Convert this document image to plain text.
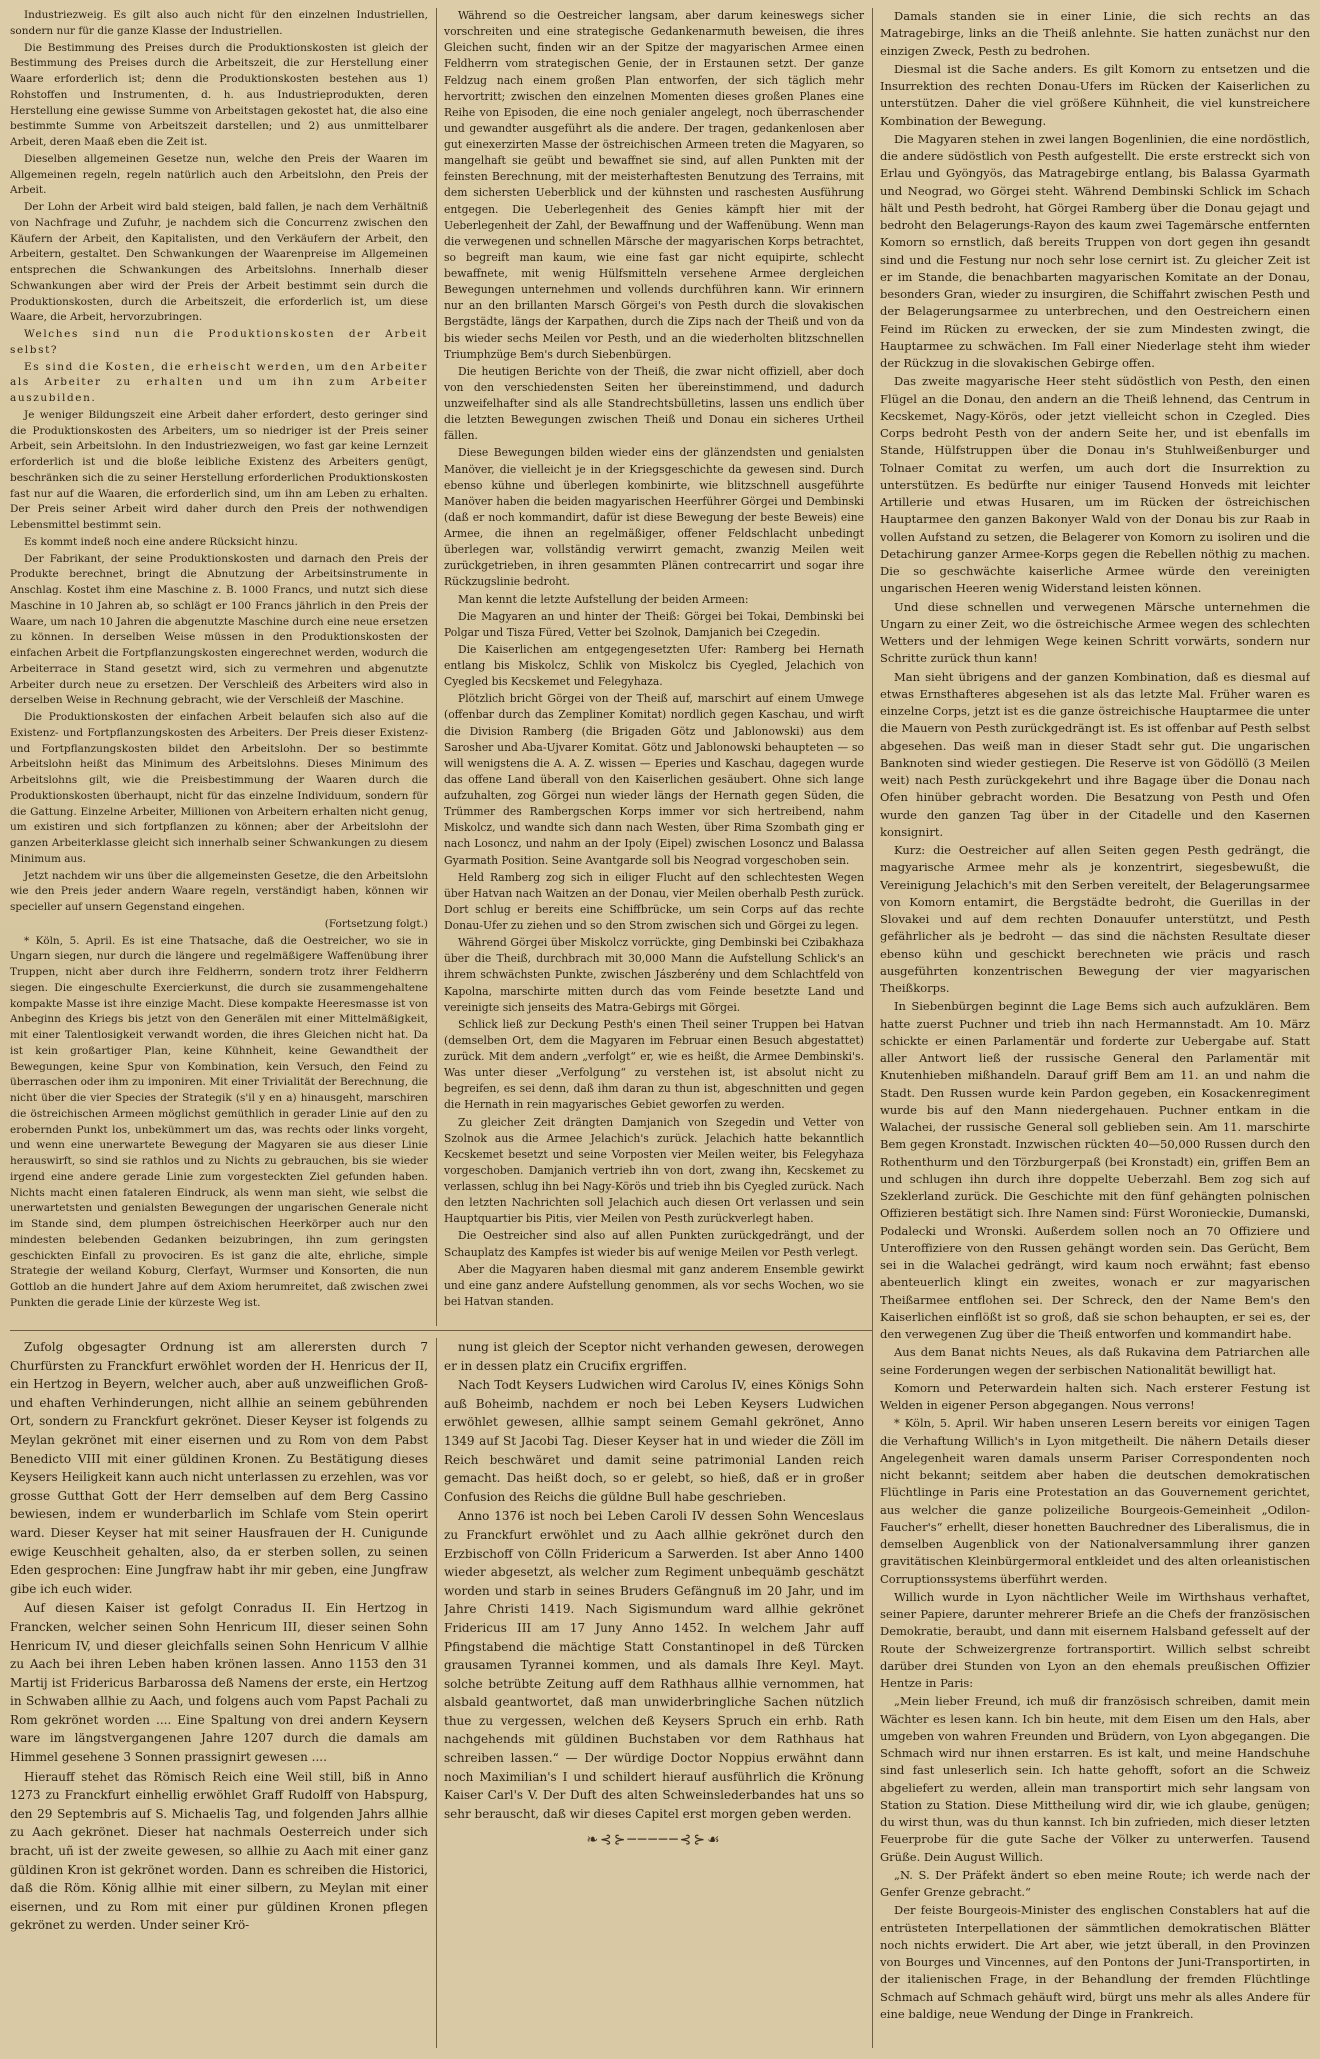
Industriezweig. Es gilt also auch nicht für den einzelnen Industriellen, sondern nur für die ganze Klasse der Industriellen.

Die Bestimmung des Preises durch die Produktionskosten ist gleich der Bestimmung des Preises durch die Arbeitszeit, die zur Herstellung einer Waare erforderlich ist; denn die Produktionskosten bestehen aus 1) Rohstoffen und Instrumenten, d. h. aus Industrieprodukten, deren Herstellung eine gewisse Summe von Arbeitstagen gekostet hat, die also eine bestimmte Summe von Arbeitszeit darstellen; und 2) aus unmittelbarer Arbeit, deren Maaß eben die Zeit ist.

Dieselben allgemeinen Gesetze nun, welche den Preis der Waaren im Allgemeinen regeln, regeln natürlich auch den Arbeitslohn, den Preis der Arbeit.

Der Lohn der Arbeit wird bald steigen, bald fallen, je nach dem Verhältniß von Nachfrage und Zufuhr, je nachdem sich die Concurrenz zwischen den Käufern der Arbeit, den Kapitalisten, und den Verkäufern der Arbeit, den Arbeitern, gestaltet. Den Schwankungen der Waarenpreise im Allgemeinen entsprechen die Schwankungen des Arbeitslohns. Innerhalb dieser Schwankungen aber wird der Preis der Arbeit bestimmt sein durch die Produktionskosten, durch die Arbeitszeit, die erforderlich ist, um diese Waare, die Arbeit, hervorzubringen.

Welches sind nun die Produktionskosten der Arbeit selbst?

Es sind die Kosten, die erheischt werden, um den Arbeiter als Arbeiter zu erhalten und um ihn zum Arbeiter auszubilden.

Je weniger Bildungszeit eine Arbeit daher erfordert, desto geringer sind die Produktionskosten des Arbeiters, um so niedriger ist der Preis seiner Arbeit, sein Arbeitslohn. In den Industriezweigen, wo fast gar keine Lernzeit erforderlich ist und die bloße leibliche Existenz des Arbeiters genügt, beschränken sich die zu seiner Herstellung erforderlichen Produktionskosten fast nur auf die Waaren, die erforderlich sind, um ihn am Leben zu erhalten. Der Preis seiner Arbeit wird daher durch den Preis der nothwendigen Lebensmittel bestimmt sein.

Es kommt indeß noch eine andere Rücksicht hinzu.

Der Fabrikant, der seine Produktionskosten und darnach den Preis der Produkte berechnet, bringt die Abnutzung der Arbeitsinstrumente in Anschlag. Kostet ihm eine Maschine z. B. 1000 Francs, und nutzt sich diese Maschine in 10 Jahren ab, so schlägt er 100 Francs jährlich in den Preis der Waare, um nach 10 Jahren die abgenutzte Maschine durch eine neue ersetzen zu können. In derselben Weise müssen in den Produktionskosten der einfachen Arbeit die Fortpflanzungskosten eingerechnet werden, wodurch die Arbeiterrace in Stand gesetzt wird, sich zu vermehren und abgenutzte Arbeiter durch neue zu ersetzen. Der Verschleiß des Arbeiters wird also in derselben Weise in Rechnung gebracht, wie der Verschleiß der Maschine.

Die Produktionskosten der einfachen Arbeit belaufen sich also auf die Existenz- und Fortpflanzungskosten des Arbeiters. Der Preis dieser Existenz- und Fortpflanzungskosten bildet den Arbeitslohn. Der so bestimmte Arbeitslohn heißt das Minimum des Arbeitslohns. Dieses Minimum des Arbeitslohns gilt, wie die Preisbestimmung der Waaren durch die Produktionskosten überhaupt, nicht für das einzelne Individuum, sondern für die Gattung. Einzelne Arbeiter, Millionen von Arbeitern erhalten nicht genug, um existiren und sich fortpflanzen zu können; aber der Arbeitslohn der ganzen Arbeiterklasse gleicht sich innerhalb seiner Schwankungen zu diesem Minimum aus.

Jetzt nachdem wir uns über die allgemeinsten Gesetze, die den Arbeitslohn wie den Preis jeder andern Waare regeln, verständigt haben, können wir specieller auf unsern Gegenstand eingehen.

(Fortsetzung folgt.)

* Köln, 5. April. Es ist eine Thatsache, daß die Oestreicher, wo sie in Ungarn siegen, nur durch die längere und regelmäßigere Waffenübung ihrer Truppen, nicht aber durch ihre Feldherrn, sondern trotz ihrer Feldherrn siegen. Die eingeschulte Exercierkunst, die durch sie zusammengehaltene kompakte Masse ist ihre einzige Macht. Diese kompakte Heeresmasse ist von Anbeginn des Kriegs bis jetzt von den Generälen mit einer Mittelmäßigkeit, mit einer Talentlosigkeit verwandt worden, die ihres Gleichen nicht hat. Da ist kein großartiger Plan, keine Kühnheit, keine Gewandtheit der Bewegungen, keine Spur von Kombination, kein Versuch, den Feind zu überraschen oder ihm zu imponiren. Mit einer Trivialität der Berechnung, die nicht über die vier Species der Strategik (s'il y en a) hinausgeht, marschiren die östreichischen Armeen möglichst gemüthlich in gerader Linie auf den zu erobernden Punkt los, unbekümmert um das, was rechts oder links vorgeht, und wenn eine unerwartete Bewegung der Magyaren sie aus dieser Linie herauswirft, so sind sie rathlos und zu Nichts zu gebrauchen, bis sie wieder irgend eine andere gerade Linie zum vorgesteckten Ziel gefunden haben. Nichts macht einen fataleren Eindruck, als wenn man sieht, wie selbst die unerwartetsten und genialsten Bewegungen der ungarischen Generale nicht im Stande sind, dem plumpen östreichischen Heerkörper auch nur den mindesten belebenden Gedanken beizubringen, ihn zum geringsten geschickten Einfall zu provociren. Es ist ganz die alte, ehrliche, simple Strategie der weiland Koburg, Clerfayt, Wurmser und Konsorten, die nun Gottlob an die hundert Jahre auf dem Axiom herumreitet, daß zwischen zwei Punkten die gerade Linie der kürzeste Weg ist.

Während so die Oestreicher langsam, aber darum keineswegs sicher vorschreiten und eine strategische Gedankenarmuth beweisen, die ihres Gleichen sucht, finden wir an der Spitze der magyarischen Armee einen Feldherrn vom strategischen Genie, der in Erstaunen setzt. Der ganze Feldzug nach einem großen Plan entworfen, der sich täglich mehr hervortritt; zwischen den einzelnen Momenten dieses großen Planes eine Reihe von Episoden, die eine noch genialer angelegt, noch überraschender und gewandter ausgeführt als die andere. Der tragen, gedankenlosen aber gut einexerzirten Masse der östreichischen Armeen treten die Magyaren, so mangelhaft sie geübt und bewaffnet sie sind, auf allen Punkten mit der feinsten Berechnung, mit der meisterhaftesten Benutzung des Terrains, mit dem sichersten Ueberblick und der kühnsten und raschesten Ausführung entgegen. Die Ueberlegenheit des Genies kämpft hier mit der Ueberlegenheit der Zahl, der Bewaffnung und der Waffenübung. Wenn man die verwegenen und schnellen Märsche der magyarischen Korps betrachtet, so begreift man kaum, wie eine fast gar nicht equipirte, schlecht bewaffnete, mit wenig Hülfsmitteln versehene Armee dergleichen Bewegungen unternehmen und vollends durchführen kann. Wir erinnern nur an den brillanten Marsch Görgei's von Pesth durch die slovakischen Bergstädte, längs der Karpathen, durch die Zips nach der Theiß und von da bis wieder sechs Meilen vor Pesth, und an die wiederholten blitzschnellen Triumphzüge Bem's durch Siebenbürgen.

Die heutigen Berichte von der Theiß, die zwar nicht offiziell, aber doch von den verschiedensten Seiten her übereinstimmend, und dadurch unzweifelhafter sind als alle Standrechtsbülletins, lassen uns endlich über die letzten Bewegungen zwischen Theiß und Donau ein sicheres Urtheil fällen.

Diese Bewegungen bilden wieder eins der glänzendsten und genialsten Manöver, die vielleicht je in der Kriegsgeschichte da gewesen sind. Durch ebenso kühne und überlegen kombinirte, wie blitzschnell ausgeführte Manöver haben die beiden magyarischen Heerführer Görgei und Dembinski (daß er noch kommandirt, dafür ist diese Bewegung der beste Beweis) eine Armee, die ihnen an regelmäßiger, offener Feldschlacht unbedingt überlegen war, vollständig verwirrt gemacht, zwanzig Meilen weit zurückgetrieben, in ihren gesammten Plänen contrecarrirt und sogar ihre Rückzugslinie bedroht.

Man kennt die letzte Aufstellung der beiden Armeen:

Die Magyaren an und hinter der Theiß: Görgei bei Tokai, Dembinski bei Polgar und Tisza Füred, Vetter bei Szolnok, Damjanich bei Czegedin.

Die Kaiserlichen am entgegengesetzten Ufer: Ramberg bei Hernath entlang bis Miskolcz, Schlik von Miskolcz bis Cyegled, Jelachich von Cyegled bis Kecskemet und Felegyhaza.

Plötzlich bricht Görgei von der Theiß auf, marschirt auf einem Umwege (offenbar durch das Zempliner Komitat) nordlich gegen Kaschau, und wirft die Division Ramberg (die Brigaden Götz und Jablonowski) aus dem Sarosher und Aba-Ujvarer Komitat. Götz und Jablonowski behaupteten — so will wenigstens die A. A. Z. wissen — Eperies und Kaschau, dagegen wurde das offene Land überall von den Kaiserlichen gesäubert. Ohne sich lange aufzuhalten, zog Görgei nun wieder längs der Hernath gegen Süden, die Trümmer des Rambergschen Korps immer vor sich hertreibend, nahm Miskolcz, und wandte sich dann nach Westen, über Rima Szombath ging er nach Losoncz, und nahm an der Ipoly (Eipel) zwischen Losoncz und Balassa Gyarmath Position. Seine Avantgarde soll bis Neograd vorgeschoben sein.

Held Ramberg zog sich in eiliger Flucht auf den schlechtesten Wegen über Hatvan nach Waitzen an der Donau, vier Meilen oberhalb Pesth zurück. Dort schlug er bereits eine Schiffbrücke, um sein Corps auf das rechte Donau-Ufer zu ziehen und so den Strom zwischen sich und Görgei zu legen.

Während Görgei über Miskolcz vorrückte, ging Dembinski bei Czibakhaza über die Theiß, durchbrach mit 30,000 Mann die Aufstellung Schlick's an ihrem schwächsten Punkte, zwischen Jászberény und dem Schlachtfeld von Kapolna, marschirte mitten durch das vom Feinde besetzte Land und vereinigte sich jenseits des Matra-Gebirgs mit Görgei.

Schlick ließ zur Deckung Pesth's einen Theil seiner Truppen bei Hatvan (demselben Ort, dem die Magyaren im Februar einen Besuch abgestattet) zurück. Mit dem andern „verfolgt“ er, wie es heißt, die Armee Dembinski's. Was unter dieser „Verfolgung“ zu verstehen ist, ist absolut nicht zu begreifen, es sei denn, daß ihm daran zu thun ist, abgeschnitten und gegen die Hernath in rein magyarisches Gebiet geworfen zu werden.

Zu gleicher Zeit drängten Damjanich von Szegedin und Vetter von Szolnok aus die Armee Jelachich's zurück. Jelachich hatte bekanntlich Kecskemet besetzt und seine Vorposten vier Meilen weiter, bis Felegyhaza vorgeschoben. Damjanich vertrieb ihn von dort, zwang ihn, Kecskemet zu verlassen, schlug ihn bei Nagy-Körös und trieb ihn bis Cyegled zurück. Nach den letzten Nachrichten soll Jelachich auch diesen Ort verlassen und sein Hauptquartier bis Pitis, vier Meilen von Pesth zurückverlegt haben.

Die Oestreicher sind also auf allen Punkten zurückgedrängt, und der Schauplatz des Kampfes ist wieder bis auf wenige Meilen vor Pesth verlegt.

Aber die Magyaren haben diesmal mit ganz anderem Ensemble gewirkt und eine ganz andere Aufstellung genommen, als vor sechs Wochen, wo sie bei Hatvan standen.

Damals standen sie in einer Linie, die sich rechts an das Matragebirge, links an die Theiß anlehnte. Sie hatten zunächst nur den einzigen Zweck, Pesth zu bedrohen.

Diesmal ist die Sache anders. Es gilt Komorn zu entsetzen und die Insurrektion des rechten Donau-Ufers im Rücken der Kaiserlichen zu unterstützen. Daher die viel größere Kühnheit, die viel kunstreichere Kombination der Bewegung.

Die Magyaren stehen in zwei langen Bogenlinien, die eine nordöstlich, die andere südöstlich von Pesth aufgestellt. Die erste erstreckt sich von Erlau und Gyöngyös, das Matragebirge entlang, bis Balassa Gyarmath und Neograd, wo Görgei steht. Während Dembinski Schlick im Schach hält und Pesth bedroht, hat Görgei Ramberg über die Donau gejagt und bedroht den Belagerungs-Rayon des kaum zwei Tagemärsche entfernten Komorn so ernstlich, daß bereits Truppen von dort gegen ihn gesandt sind und die Festung nur noch sehr lose cernirt ist. Zu gleicher Zeit ist er im Stande, die benachbarten magyarischen Komitate an der Donau, besonders Gran, wieder zu insurgiren, die Schiffahrt zwischen Pesth und der Belagerungsarmee zu unterbrechen, und den Oestreichern einen Feind im Rücken zu erwecken, der sie zum Mindesten zwingt, die Hauptarmee zu schwächen. Im Fall einer Niederlage steht ihm wieder der Rückzug in die slovakischen Gebirge offen.

Das zweite magyarische Heer steht südöstlich von Pesth, den einen Flügel an die Donau, den andern an die Theiß lehnend, das Centrum in Kecskemet, Nagy-Körös, oder jetzt vielleicht schon in Czegled. Dies Corps bedroht Pesth von der andern Seite her, und ist ebenfalls im Stande, Hülfstruppen über die Donau in's Stuhlweißenburger und Tolnaer Comitat zu werfen, um auch dort die Insurrektion zu unterstützen. Es bedürfte nur einiger Tausend Honveds mit leichter Artillerie und etwas Husaren, um im Rücken der östreichischen Hauptarmee den ganzen Bakonyer Wald von der Donau bis zur Raab in vollen Aufstand zu setzen, die Belagerer von Komorn zu isoliren und die Detachirung ganzer Armee-Korps gegen die Rebellen nöthig zu machen. Die so geschwächte kaiserliche Armee würde den vereinigten ungarischen Heeren wenig Widerstand leisten können.

Und diese schnellen und verwegenen Märsche unternehmen die Ungarn zu einer Zeit, wo die östreichische Armee wegen des schlechten Wetters und der lehmigen Wege keinen Schritt vorwärts, sondern nur Schritte zurück thun kann!

Man sieht übrigens and der ganzen Kombination, daß es diesmal auf etwas Ernsthafteres abgesehen ist als das letzte Mal. Früher waren es einzelne Corps, jetzt ist es die ganze östreichische Hauptarmee die unter die Mauern von Pesth zurückgedrängt ist. Es ist offenbar auf Pesth selbst abgesehen. Das weiß man in dieser Stadt sehr gut. Die ungarischen Banknoten sind wieder gestiegen. Die Reserve ist von Gödöllö (3 Meilen weit) nach Pesth zurückgekehrt und ihre Bagage über die Donau nach Ofen hinüber gebracht worden. Die Besatzung von Pesth und Ofen wurde den ganzen Tag über in der Citadelle und den Kasernen konsignirt.

Kurz: die Oestreicher auf allen Seiten gegen Pesth gedrängt, die magyarische Armee mehr als je konzentrirt, siegesbewußt, die Vereinigung Jelachich's mit den Serben vereitelt, der Belagerungsarmee von Komorn entamirt, die Bergstädte bedroht, die Guerillas in der Slovakei und auf dem rechten Donauufer unterstützt, und Pesth gefährlicher als je bedroht — das sind die nächsten Resultate dieser ebenso kühn und geschickt berechneten wie präcis und rasch ausgeführten konzentrischen Bewegung der vier magyarischen Theißkorps.

In Siebenbürgen beginnt die Lage Bems sich auch aufzuklären. Bem hatte zuerst Puchner und trieb ihn nach Hermannstadt. Am 10. März schickte er einen Parlamentär und forderte zur Uebergabe auf. Statt aller Antwort ließ der russische General den Parlamentär mit Knutenhieben mißhandeln. Darauf griff Bem am 11. an und nahm die Stadt. Den Russen wurde kein Pardon gegeben, ein Kosackenregiment wurde bis auf den Mann niedergehauen. Puchner entkam in die Walachei, der russische General soll geblieben sein. Am 11. marschirte Bem gegen Kronstadt. Inzwischen rückten 40—50,000 Russen durch den Rothenthurm und den Törzburgerpaß (bei Kronstadt) ein, griffen Bem an und schlugen ihn durch ihre doppelte Ueberzahl. Bem zog sich auf Szeklerland zurück. Die Geschichte mit den fünf gehängten polnischen Offizieren bestätigt sich. Ihre Namen sind: Fürst Woronieckie, Dumanski, Podalecki und Wronski. Außerdem sollen noch an 70 Offiziere und Unteroffiziere von den Russen gehängt worden sein. Das Gerücht, Bem sei in die Walachei gedrängt, wird kaum noch erwähnt; fast ebenso abenteuerlich klingt ein zweites, wonach er zur magyarischen Theißarmee entflohen sei. Der Schreck, den der Name Bem's den Kaiserlichen einflößt ist so groß, daß sie schon behaupten, er sei es, der den verwegenen Zug über die Theiß entworfen und kommandirt habe.

Aus dem Banat nichts Neues, als daß Rukavina dem Patriarchen alle seine Forderungen wegen der serbischen Nationalität bewilligt hat.

Komorn und Peterwardein halten sich. Nach ersterer Festung ist Welden in eigener Person abgegangen. Nous verrons!

* Köln, 5. April. Wir haben unseren Lesern bereits vor einigen Tagen die Verhaftung Willich's in Lyon mitgetheilt. Die nähern Details dieser Angelegenheit waren damals unserm Pariser Correspondenten noch nicht bekannt; seitdem aber haben die deutschen demokratischen Flüchtlinge in Paris eine Protestation an das Gouvernement gerichtet, aus welcher die ganze polizeiliche Bourgeois-Gemeinheit „Odilon-Faucher's“ erhellt, dieser honetten Bauchredner des Liberalismus, die in demselben Augenblick von der Nationalversammlung ihrer ganzen gravitätischen Kleinbürgermoral entkleidet und des alten orleanistischen Corruptionssystems überführt werden.

Willich wurde in Lyon nächtlicher Weile im Wirthshaus verhaftet, seiner Papiere, darunter mehrerer Briefe an die Chefs der französischen Demokratie, beraubt, und dann mit eisernem Halsband gefesselt auf der Route der Schweizergrenze fortransportirt. Willich selbst schreibt darüber drei Stunden von Lyon an den ehemals preußischen Offizier Hentze in Paris:

„Mein lieber Freund, ich muß dir französisch schreiben, damit mein Wächter es lesen kann. Ich bin heute, mit dem Eisen um den Hals, aber umgeben von wahren Freunden und Brüdern, von Lyon abgegangen. Die Schmach wird nur ihnen erstarren. Es ist kalt, und meine Handschuhe sind fast unleserlich sein. Ich hatte gehofft, sofort an die Schweiz abgeliefert zu werden, allein man transportirt mich sehr langsam von Station zu Station. Diese Mittheilung wird dir, wie ich glaube, genügen; du wirst thun, was du thun kannst. Ich bin zufrieden, mich dieser letzten Feuerprobe für die gute Sache der Völker zu unterwerfen. Tausend Grüße. Dein August Willich.

„N. S. Der Präfekt ändert so eben meine Route; ich werde nach der Genfer Grenze gebracht.“

Der feiste Bourgeois-Minister des englischen Constablers hat auf die entrüsteten Interpellationen der sämmtlichen demokratischen Blätter noch nichts erwidert. Die Art aber, wie jetzt überall, in den Provinzen von Bourges und Vincennes, auf den Pontons der Juni-Transportirten, in der italienischen Frage, in der Behandlung der fremden Flüchtlinge Schmach auf Schmach gehäuft wird, bürgt uns mehr als alles Andere für eine baldige, neue Wendung der Dinge in Frankreich.

Zufolg obgesagter Ordnung ist am allerersten durch 7 Churfürsten zu Franckfurt erwöhlet worden der H. Henricus der II, ein Hertzog in Beyern, welcher auch, aber auß unzweiflichen Groß- und ehaften Verhinderungen, nicht allhie an seinem gebührenden Ort, sondern zu Franckfurt gekrönet. Dieser Keyser ist folgends zu Meylan gekrönet mit einer eisernen und zu Rom von dem Pabst Benedicto VIII mit einer güldinen Kronen. Zu Bestätigung dieses Keysers Heiligkeit kann auch nicht unterlassen zu erzehlen, was vor grosse Gutthat Gott der Herr demselben auf dem Berg Cassino bewiesen, indem er wunderbarlich im Schlafe vom Stein operirt ward. Dieser Keyser hat mit seiner Hausfrauen der H. Cunigunde ewige Keuschheit gehalten, also, da er sterben sollen, zu seinen Eden gesprochen: Eine Jungfraw habt ihr mir geben, eine Jungfraw gibe ich euch wider.

Auf diesen Kaiser ist gefolgt Conradus II. Ein Hertzog in Francken, welcher seinen Sohn Henricum III, dieser seinen Sohn Henricum IV, und dieser gleichfalls seinen Sohn Henricum V allhie zu Aach bei ihren Leben haben krönen lassen. Anno 1153 den 31 Martij ist Fridericus Barbarossa deß Namens der erste, ein Hertzog in Schwaben allhie zu Aach, und folgens auch vom Papst Pachali zu Rom gekrönet worden .... Eine Spaltung von drei andern Keysern ware im längstvergangenen Jahre 1207 durch die damals am Himmel gesehene 3 Sonnen prassignirt gewesen ....

Hierauff stehet das Römisch Reich eine Weil still, biß in Anno 1273 zu Franckfurt einhellig erwöhlet Graff Rudolff von Habspurg, den 29 Septembris auf S. Michaelis Tag, und folgenden Jahrs allhie zu Aach gekrönet. Dieser hat nachmals Oesterreich under sich bracht, uñ ist der zweite gewesen, so allhie zu Aach mit einer ganz güldinen Kron ist gekrönet worden. Dann es schreiben die Historici, daß die Röm. König allhie mit einer silbern, zu Meylan mit einer eisernen, und zu Rom mit einer pur güldinen Kronen pflegen gekrönet zu werden. Under seiner Krö-

nung ist gleich der Sceptor nicht verhanden gewesen, derowegen er in dessen platz ein Crucifix ergriffen.

Nach Todt Keysers Ludwichen wird Carolus IV, eines Königs Sohn auß Boheimb, nachdem er noch bei Leben Keysers Ludwichen erwöhlet gewesen, allhie sampt seinem Gemahl gekrönet, Anno 1349 auf St Jacobi Tag. Dieser Keyser hat in und wieder die Zöll im Reich beschwäret und damit seine patrimonial Landen reich gemacht. Das heißt doch, so er gelebt, so hieß, daß er in großer Confusion des Reichs die güldne Bull habe geschrieben.

Anno 1376 ist noch bei Leben Caroli IV dessen Sohn Wenceslaus zu Franckfurt erwöhlet und zu Aach allhie gekrönet durch den Erzbischoff von Cölln Fridericum a Sarwerden. Ist aber Anno 1400 wieder abgesetzt, als welcher zum Regiment unbequämb geschätzt worden und starb in seines Bruders Gefängnuß im 20 Jahr, und im Jahre Christi 1419. Nach Sigismundum ward allhie gekrönet Fridericus III am 17 Juny Anno 1452. In welchem Jahr auff Pfingstabend die mächtige Statt Constantinopel in deß Türcken grausamen Tyrannei kommen, und als damals Ihre Keyl. Mayt. solche betrübte Zeitung auff dem Rathhaus allhie vernommen, hat alsbald geantwortet, daß man unwiderbringliche Sachen nützlich thue zu vergessen, welchen deß Keysers Spruch ein erhb. Rath nachgehends mit güldinen Buchstaben vor dem Rathhaus hat schreiben lassen.“ — Der würdige Doctor Noppius erwähnt dann noch Maximilian's I und schildert hierauf ausführlich die Krönung Kaiser Carl's V. Der Duft des alten Schweinslederbandes hat uns so sehr berauscht, daß wir dieses Capitel erst morgen geben werden.

❧⊰⊱─────⊰⊱☙
